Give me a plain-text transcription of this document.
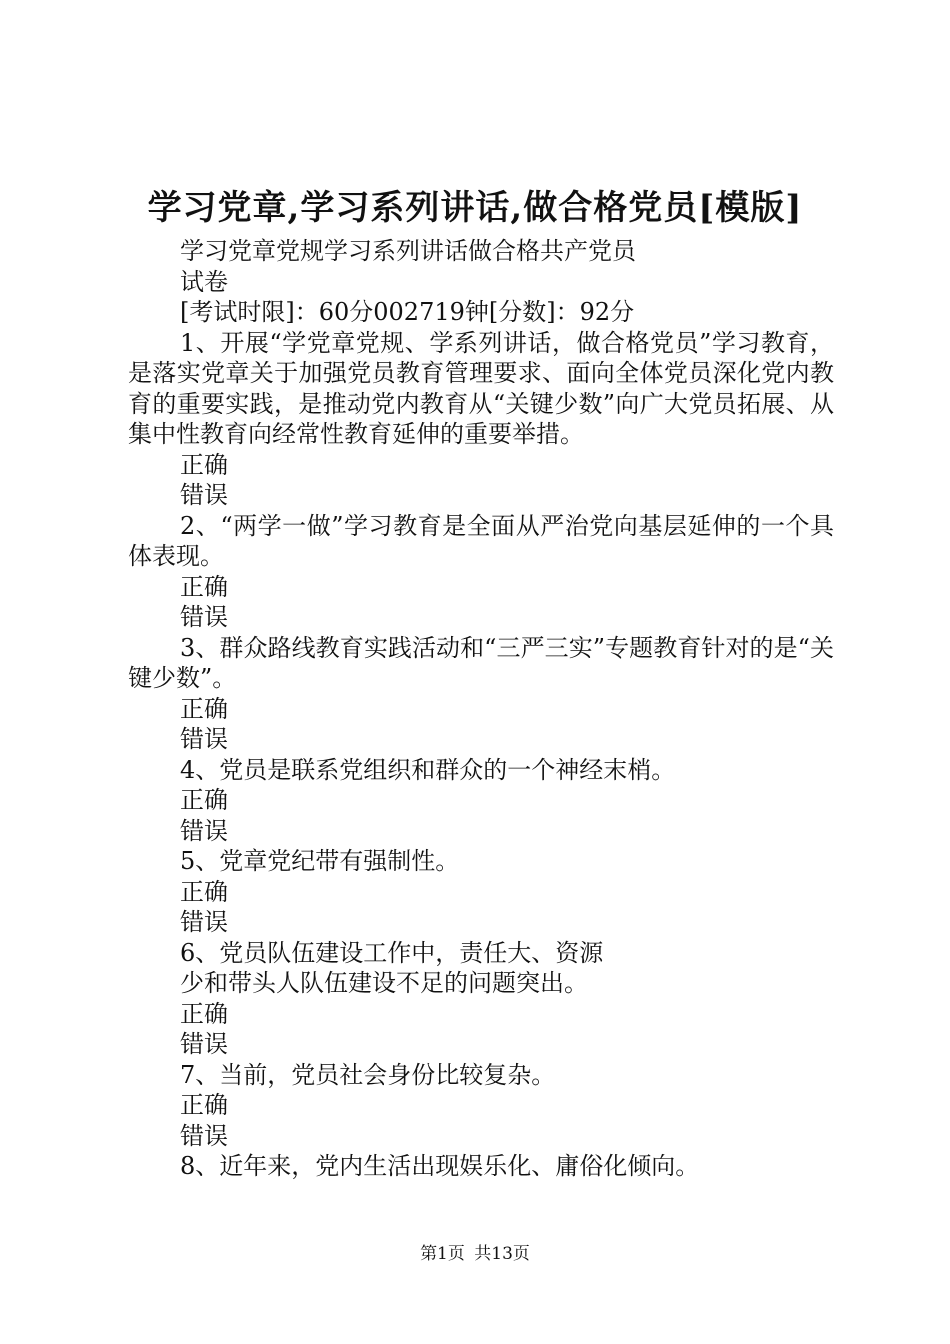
学习党章,学习系列讲话,做合格党员[模版]
学习党章党规学习系列讲话做合格共产党员
试卷
[考试时限]：60分002719钟[分数]：92分
1、开展“学党章党规、学系列讲话，做合格党员”学习教育，是落实党章关于加强党员教育管理要求、面向全体党员深化党内教育的重要实践，是推动党内教育从“关键少数”向广大党员拓展、从集中性教育向经常性教育延伸的重要举措。
正确
错误
2、“两学一做”学习教育是全面从严治党向基层延伸的一个具体表现。
正确
错误
3、群众路线教育实践活动和“三严三实”专题教育针对的是“关键少数”。
正确
错误
4、党员是联系党组织和群众的一个神经末梢。
正确
错误
5、党章党纪带有强制性。
正确
错误
6、党员队伍建设工作中，责任大、资源
少和带头人队伍建设不足的问题突出。
正确
错误
7、当前，党员社会身份比较复杂。
正确
错误
8、近年来，党内生活出现娱乐化、庸俗化倾向。
第1页 共13页
